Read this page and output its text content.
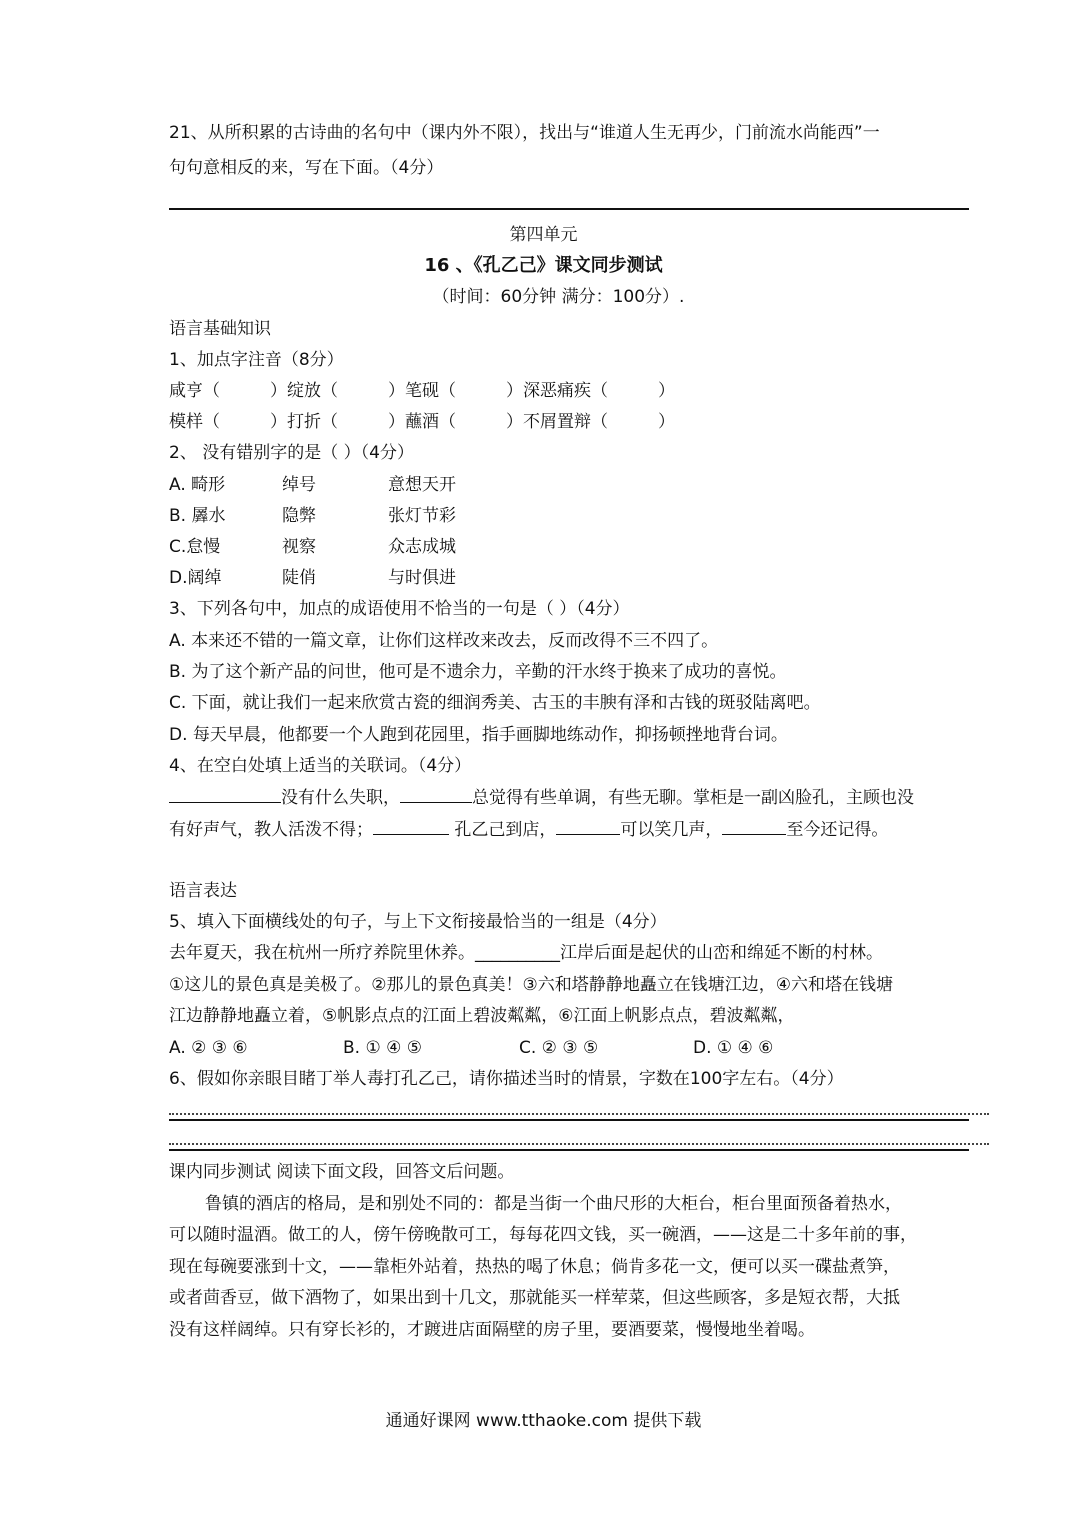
21、从所积累的古诗曲的名句中（课内外不限），找出与“谁道人生无再少，门前流水尚能西”一
句句意相反的来，写在下面。（4分）
第四单元
16 、《孔乙己》课文同步测试
（时间：60分钟 满分：100分）.
语言基础知识
1、加点字注音（8分）
咸亨（	）绽放（	）笔砚（	）深恶痛疾（	）
模样（	）打折（	）蘸酒（	）不屑置辩（	）
2、 没有错别字的是（ ）（4分）
A. 畸形	绰号	意想天开
B. 羼水	隐弊	张灯节彩
C.怠慢	视察	众志成城
D.阔绰	陡俏	与时俱进
3、下列各句中，加点的成语使用不恰当的一句是（ ）（4分）
A. 本来还不错的一篇文章，让你们这样改来改去，反而改得不三不四了。
B. 为了这个新产品的问世，他可是不遗余力，辛勤的汗水终于换来了成功的喜悦。
C. 下面，就让我们一起来欣赏古瓷的细润秀美、古玉的丰腴有泽和古钱的斑驳陆离吧。
D. 每天早晨，他都要一个人跑到花园里，指手画脚地练动作，抑扬顿挫地背台词。
4、在空白处填上适当的关联词。（4分）
没有什么失职，	总觉得有些单调，有些无聊。掌柜是一副凶脸孔，主顾也没
有好声气，教人活泼不得；	孔乙己到店，	可以笑几声，	至今还记得。
语言表达
5、填入下面横线处的句子，与上下文衔接最恰当的一组是（4分）
去年夏天，我在杭州一所疗养院里休养。__________江岸后面是起伏的山峦和绵延不断的村林。
①这儿的景色真是美极了。②那儿的景色真美！③六和塔静静地矗立在钱塘江边，④六和塔在钱塘
江边静静地矗立着，⑤帆影点点的江面上碧波粼粼，⑥江面上帆影点点，碧波粼粼，
A. ② ③ ⑥	B. ① ④ ⑤	C. ② ③ ⑤	D. ① ④ ⑥
6、假如你亲眼目睹丁举人毒打孔乙己，请你描述当时的情景，字数在100字左右。（4分）
课内同步测试 阅读下面文段，回答文后问题。
鲁镇的酒店的格局，是和别处不同的：都是当街一个曲尺形的大柜台，柜台里面预备着热水，
可以随时温酒。做工的人，傍午傍晚散可工，每每花四文钱，买一碗酒，——这是二十多年前的事，
现在每碗要涨到十文，——靠柜外站着，热热的喝了休息；倘肯多花一文，便可以买一碟盐煮笋，
或者茴香豆，做下酒物了，如果出到十几文，那就能买一样荤菜，但这些顾客，多是短衣帮，大抵
没有这样阔绰。只有穿长衫的，才踱进店面隔壁的房子里，要酒要菜，慢慢地坐着喝。
通通好课网 www.tthaoke.com 提供下载
